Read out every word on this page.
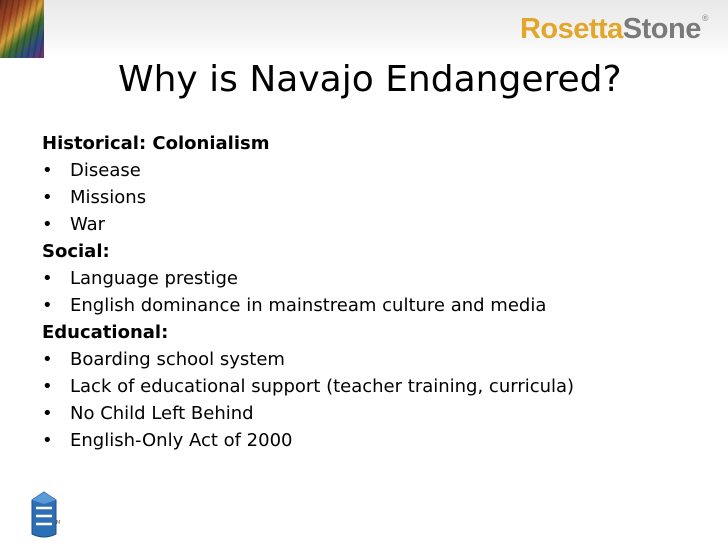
RosettaStone®
Why is Navajo Endangered?
Historical: Colonialism
• Disease
• Missions
• War
Social:
• Language prestige
• English dominance in mainstream culture and media
Educational:
• Boarding school system
• Lack of educational support (teacher training, curricula)
• No Child Left Behind
• English-Only Act of 2000
TM
